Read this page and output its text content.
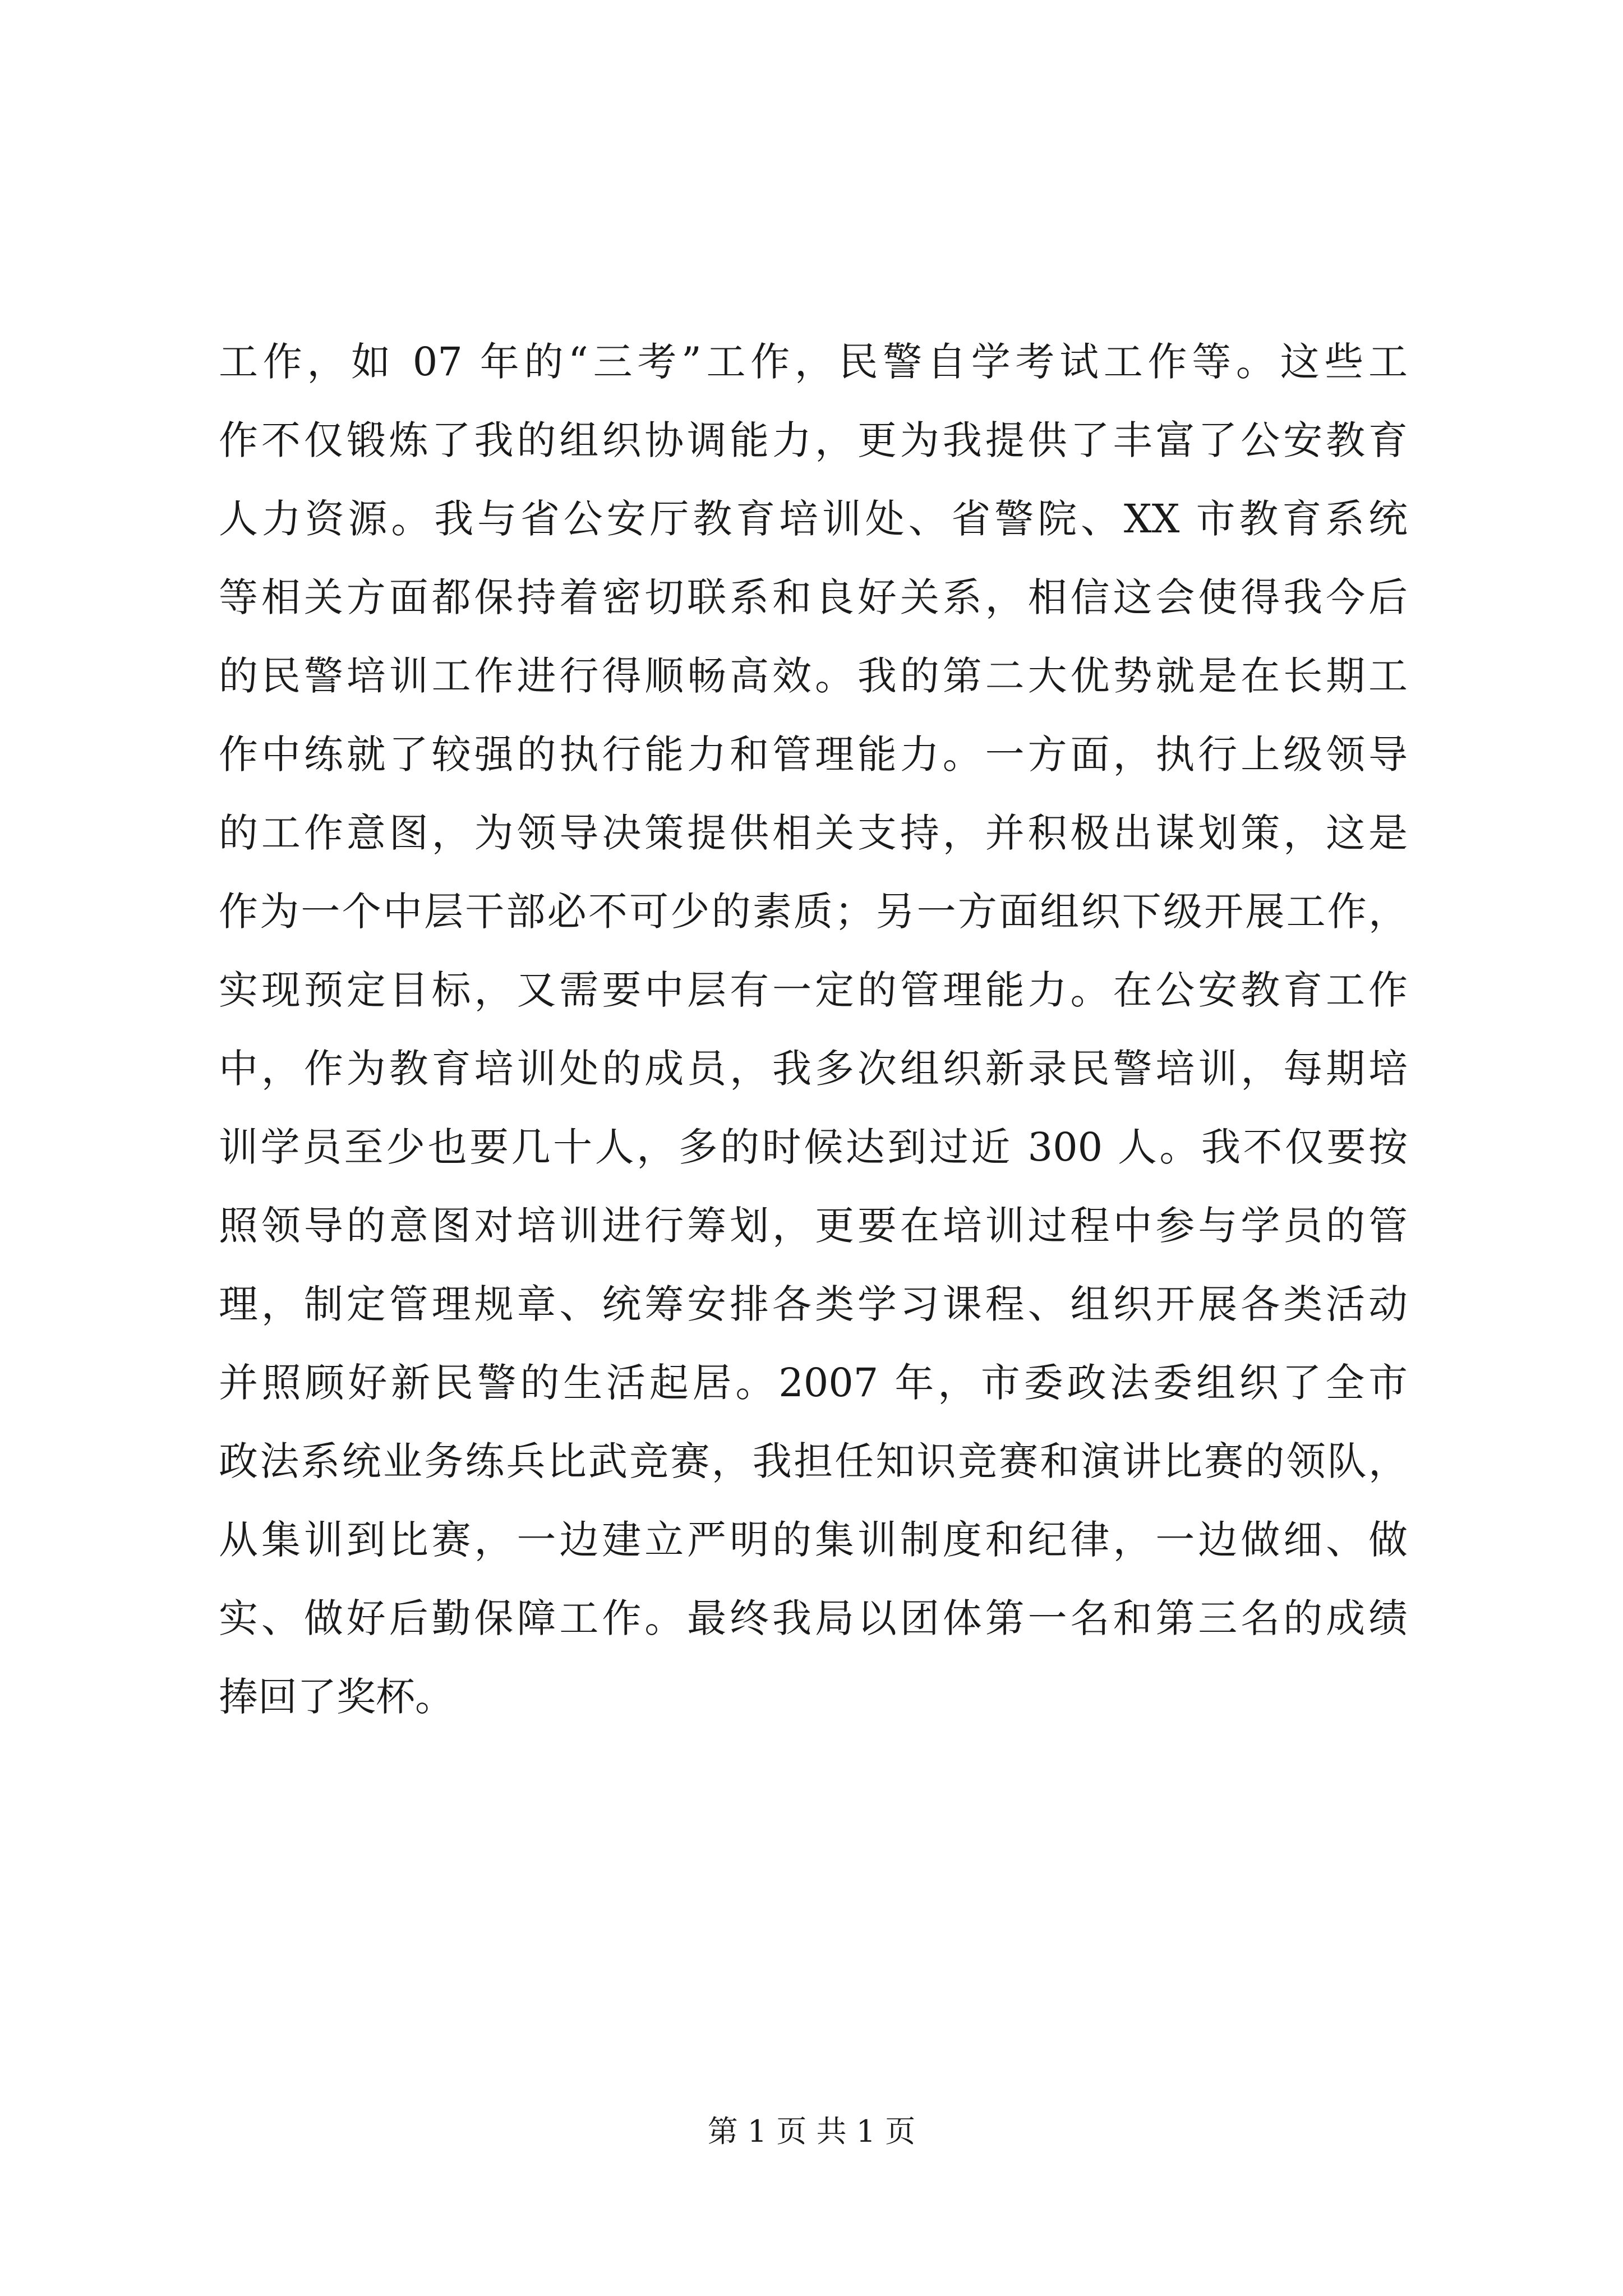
工作，如 07 年的“三考”工作，民警自学考试工作等。这些工
作不仅锻炼了我的组织协调能力，更为我提供了丰富了公安教育
人力资源。我与省公安厅教育培训处、省警院、XX 市教育系统
等相关方面都保持着密切联系和良好关系，相信这会使得我今后
的民警培训工作进行得顺畅高效。我的第二大优势就是在长期工
作中练就了较强的执行能力和管理能力。一方面，执行上级领导
的工作意图，为领导决策提供相关支持，并积极出谋划策，这是
作为一个中层干部必不可少的素质；另一方面组织下级开展工作，
实现预定目标，又需要中层有一定的管理能力。在公安教育工作
中，作为教育培训处的成员，我多次组织新录民警培训，每期培
训学员至少也要几十人，多的时候达到过近 300 人。我不仅要按
照领导的意图对培训进行筹划，更要在培训过程中参与学员的管
理，制定管理规章、统筹安排各类学习课程、组织开展各类活动
并照顾好新民警的生活起居。2007 年，市委政法委组织了全市
政法系统业务练兵比武竞赛，我担任知识竞赛和演讲比赛的领队，
从集训到比赛，一边建立严明的集训制度和纪律，一边做细、做
实、做好后勤保障工作。最终我局以团体第一名和第三名的成绩
捧回了奖杯。
第 1 页 共 1 页
